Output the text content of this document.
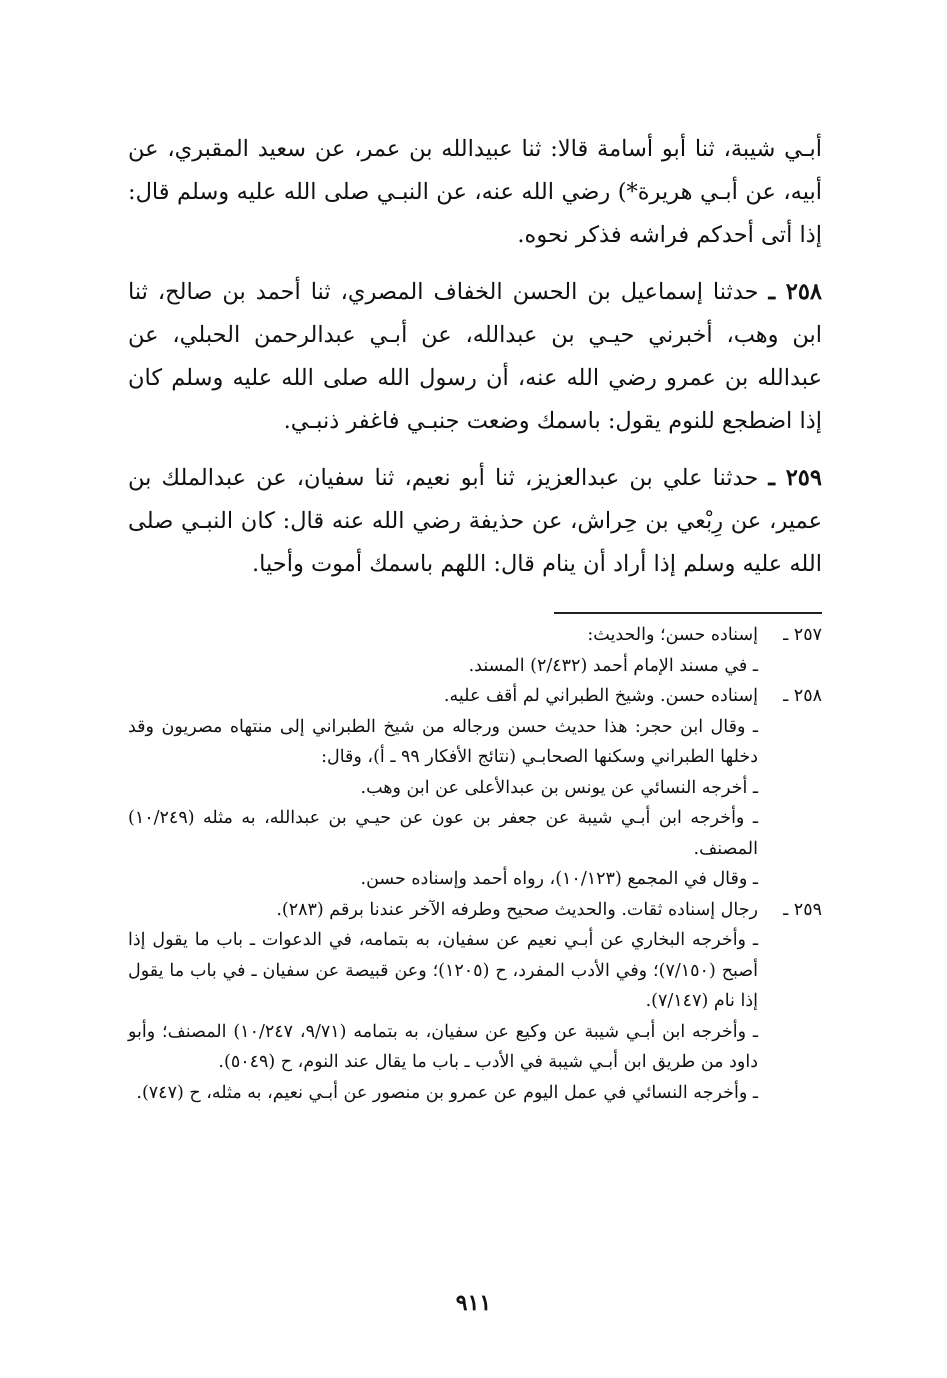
أبـي شيبة، ثنا أبو أسامة قالا: ثنا عبيدالله بن عمر، عن سعيد المقبري، عن أبيه، عن أبـي هريرة*) رضي الله عنه، عن النبـي صلى الله عليه وسلم قال: إذا أتى أحدكم فراشه فذكر نحوه.

٢٥٨ ـ حدثنا إسماعيل بن الحسن الخفاف المصري، ثنا أحمد بن صالح، ثنا ابن وهب، أخبرني حيـي بن عبدالله، عن أبـي عبدالرحمن الحبلي، عن عبدالله بن عمرو رضي الله عنه، أن رسول الله صلى الله عليه وسلم كان إذا اضطجع للنوم يقول: باسمك وضعت جنبـي فاغفر ذنبـي.

٢٥٩ ـ حدثنا علي بن عبدالعزيز، ثنا أبو نعيم، ثنا سفيان، عن عبدالملك بن عمير، عن رِبْعي بن حِراش، عن حذيفة رضي الله عنه قال: كان النبـي صلى الله عليه وسلم إذا أراد أن ينام قال: اللهم باسمك أموت وأحيا.

٢٥٧ ـ
إسناده حسن؛ والحديث:
ـ في مسند الإمام أحمد (٢/٤٣٢) المسند.
٢٥٨ ـ
إسناده حسن. وشيخ الطبراني لم أقف عليه.
ـ وقال ابن حجر: هذا حديث حسن ورجاله من شيخ الطبراني إلى منتهاه مصريون وقد دخلها الطبراني وسكنها الصحابـي (نتائج الأفكار ٩٩ ـ أ)، وقال:
ـ أخرجه النسائي عن يونس بن عبدالأعلى عن ابن وهب.
ـ وأخرجه ابن أبـي شيبة عن جعفر بن عون عن حيـي بن عبدالله، به مثله (١٠/٢٤٩) المصنف.
ـ وقال في المجمع (١٠/١٢٣)، رواه أحمد وإسناده حسن.
٢٥٩ ـ
رجال إسناده ثقات. والحديث صحيح وطرفه الآخر عندنا برقم (٢٨٣).
ـ وأخرجه البخاري عن أبـي نعيم عن سفيان، به بتمامه، في الدعوات ـ باب ما يقول إذا أصبح (٧/١٥٠)؛ وفي الأدب المفرد، ح (١٢٠٥)؛ وعن قبيصة عن سفيان ـ في باب ما يقول إذا نام (٧/١٤٧).
ـ وأخرجه ابن أبـي شيبة عن وكيع عن سفيان، به بتمامه (٩/٧١، ١٠/٢٤٧) المصنف؛ وأبو داود من طريق ابن أبـي شيبة في الأدب ـ باب ما يقال عند النوم، ح (٥٠٤٩).
ـ وأخرجه النسائي في عمل اليوم عن عمرو بن منصور عن أبـي نعيم، به مثله، ح (٧٤٧).
٩١١
